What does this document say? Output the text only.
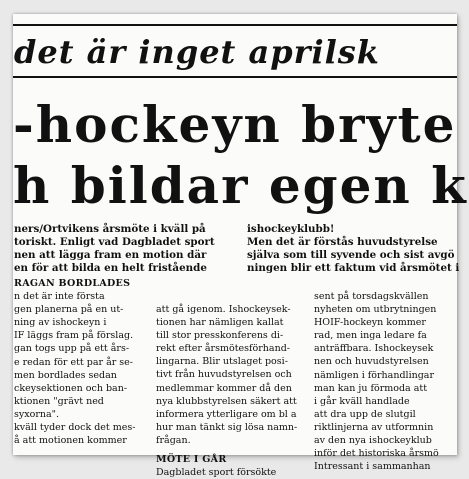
det är inget aprilsk
-hockeyn bryte
h bildar egen k
ners/Ortvikens årsmöte i kväll på
toriskt. Enligt vad Dagbladet sport
nen att lägga fram en motion där
en för att bilda en helt fristående
RAGAN BORDLADES
n det är inte första
gen planerna på en ut-
ning av ishockeyn i
IF läggs fram på förslag.
gan togs upp på ett års-
e redan för ett par år se-
men bordlades sedan
ckeysektionen och ban-
ktionen "grävt ned
syxorna".
kväll tyder dock det mes-
å att motionen kommer
att gå igenom. Ishockeysek-
tionen har nämligen kallat
till stor presskonferens di-
rekt efter årsmötesförhand-
lingarna. Blir utslaget posi-
tivt från huvudstyrelsen och
medlemmar kommer då den
nya klubbstyrelsen säkert att
informera ytterligare om bl a
hur man tänkt sig lösa namn-
frågan.
MÖTE I GÅR
Dagbladet sport försökte
ishockeyklubb!
Men det är förstås huvudstyrelse
själva som till syvende och sist avgö
ningen blir ett faktum vid årsmötet i
sent på torsdagskvällen
nyheten om utbrytningen
HOIF-hockeyn kommer
rad, men inga ledare fa
anträffbara. Ishockeysek
nen och huvudstyrelsen
nämligen i förhandlingar
man kan ju förmoda att
i går kväll handlade
att dra upp de slutgil
riktlinjerna av utformnin
av den nya ishockeyklub
inför det historiska årsmö
Intressant i sammanhan
